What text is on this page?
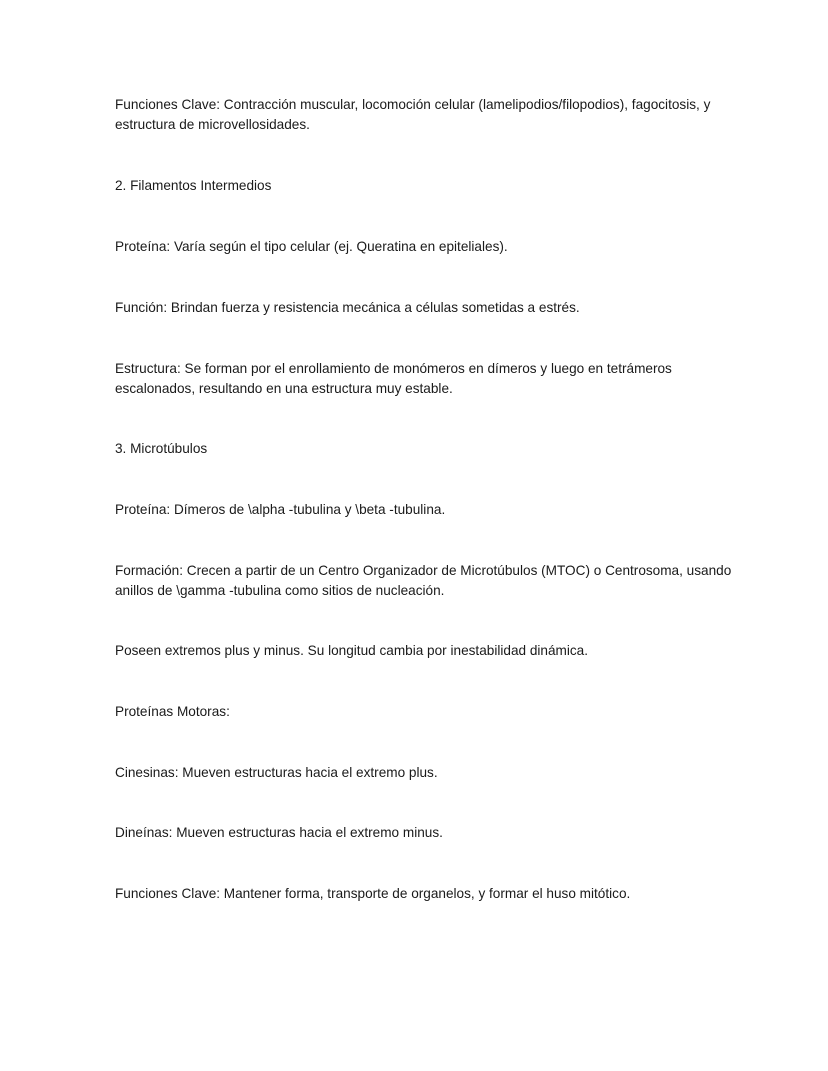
Funciones Clave: Contracción muscular, locomoción celular (lamelipodios/filopodios), fagocitosis, y estructura de microvellosidades.

2. Filamentos Intermedios

Proteína: Varía según el tipo celular (ej. Queratina en epiteliales).

Función: Brindan fuerza y resistencia mecánica a células sometidas a estrés.

Estructura: Se forman por el enrollamiento de monómeros en dímeros y luego en tetrámeros escalonados, resultando en una estructura muy estable.

3. Microtúbulos

Proteína: Dímeros de \alpha -tubulina y \beta -tubulina.

Formación: Crecen a partir de un Centro Organizador de Microtúbulos (MTOC) o Centrosoma, usando anillos de \gamma -tubulina como sitios de nucleación.

Poseen extremos plus y minus. Su longitud cambia por inestabilidad dinámica.

Proteínas Motoras:

Cinesinas: Mueven estructuras hacia el extremo plus.

Dineínas: Mueven estructuras hacia el extremo minus.

Funciones Clave: Mantener forma, transporte de organelos, y formar el huso mitótico.
